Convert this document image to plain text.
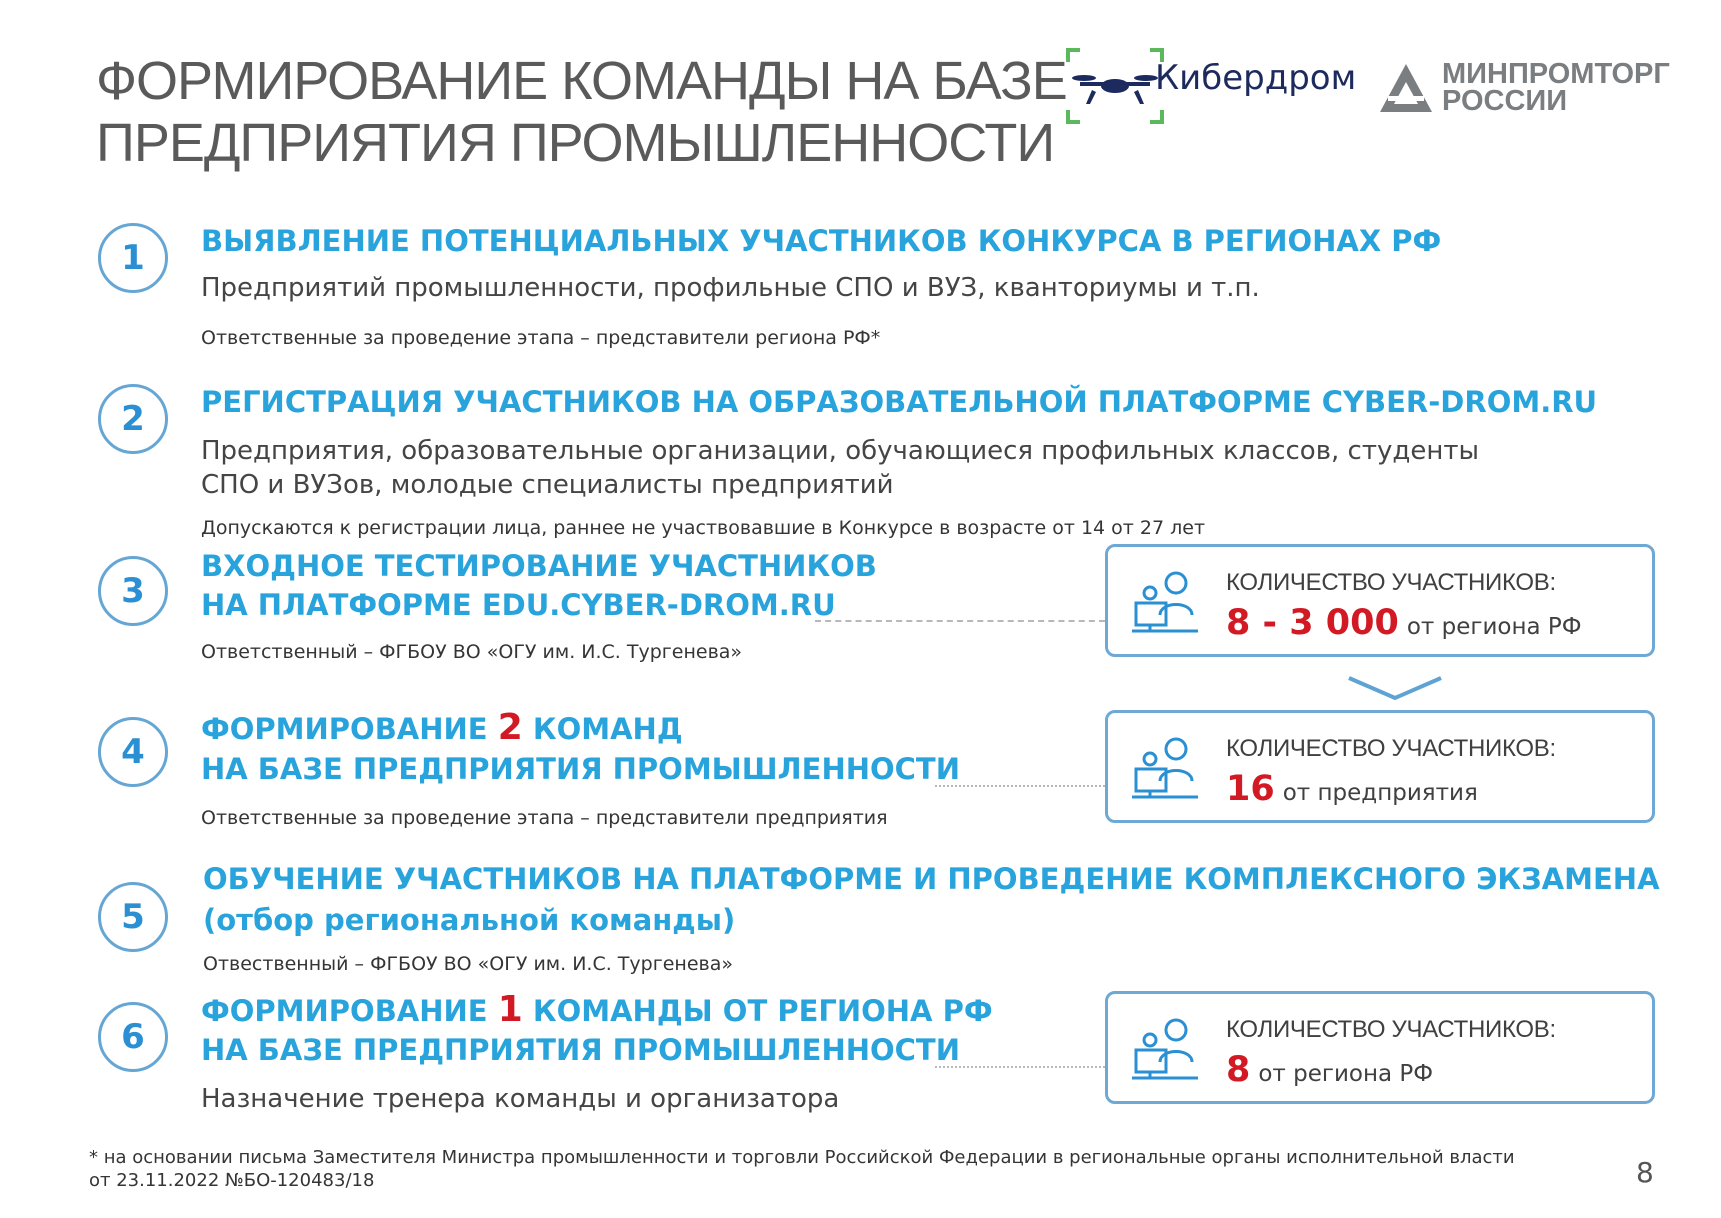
ФОРМИРОВАНИЕ КОМАНДЫ НА БАЗЕ
ПРЕДПРИЯТИЯ ПРОМЫШЛЕННОСТИ
Кибердром	МИНПРОМТОРГ
РОССИИ
1	ВЫЯВЛЕНИЕ ПОТЕНЦИАЛЬНЫХ УЧАСТНИКОВ КОНКУРСА В РЕГИОНАХ РФ
Предприятий промышленности, профильные СПО и ВУЗ, кванториумы и т.п.
Ответственные за проведение этапа – представители региона РФ*
2	РЕГИСТРАЦИЯ УЧАСТНИКОВ НА ОБРАЗОВАТЕЛЬНОЙ ПЛАТФОРМЕ CYBER-DROM.RU
Предприятия, образовательные организации, обучающиеся профильных классов, студенты
СПО и ВУЗов, молодые специалисты предприятий
Допускаются к регистрации лица, раннее не участвовавшие в Конкурсе в возрасте от 14 от 27 лет
3
ВХОДНОЕ ТЕСТИРОВАНИЕ УЧАСТНИКОВ
НА ПЛАТФОРМЕ EDU.CYBER-DROM.RU
Ответственный – ФГБОУ ВО «ОГУ им. И.С. Тургенева»
4
ФОРМИРОВАНИЕ 2 КОМАНД
НА БАЗЕ ПРЕДПРИЯТИЯ ПРОМЫШЛЕННОСТИ
Ответственные за проведение этапа – представители предприятия
5
ОБУЧЕНИЕ УЧАСТНИКОВ НА ПЛАТФОРМЕ И ПРОВЕДЕНИЕ КОМПЛЕКСНОГО ЭКЗАМЕНА
(отбор региональной команды)
Отвественный – ФГБОУ ВО «ОГУ им. И.С. Тургенева»
6
ФОРМИРОВАНИЕ 1 КОМАНДЫ ОТ РЕГИОНА РФ
НА БАЗЕ ПРЕДПРИЯТИЯ ПРОМЫШЛЕННОСТИ
Назначение тренера команды и организатора
КОЛИЧЕСТВО УЧАСТНИКОВ:
8 - 3 000 от региона РФ
КОЛИЧЕСТВО УЧАСТНИКОВ:
16 от предприятия
КОЛИЧЕСТВО УЧАСТНИКОВ:
8 от региона РФ
* на основании письма Заместителя Министра промышленности и торговли Российской Федерации в региональные органы исполнительной власти
от 23.11.2022 №БО-120483/18	8
